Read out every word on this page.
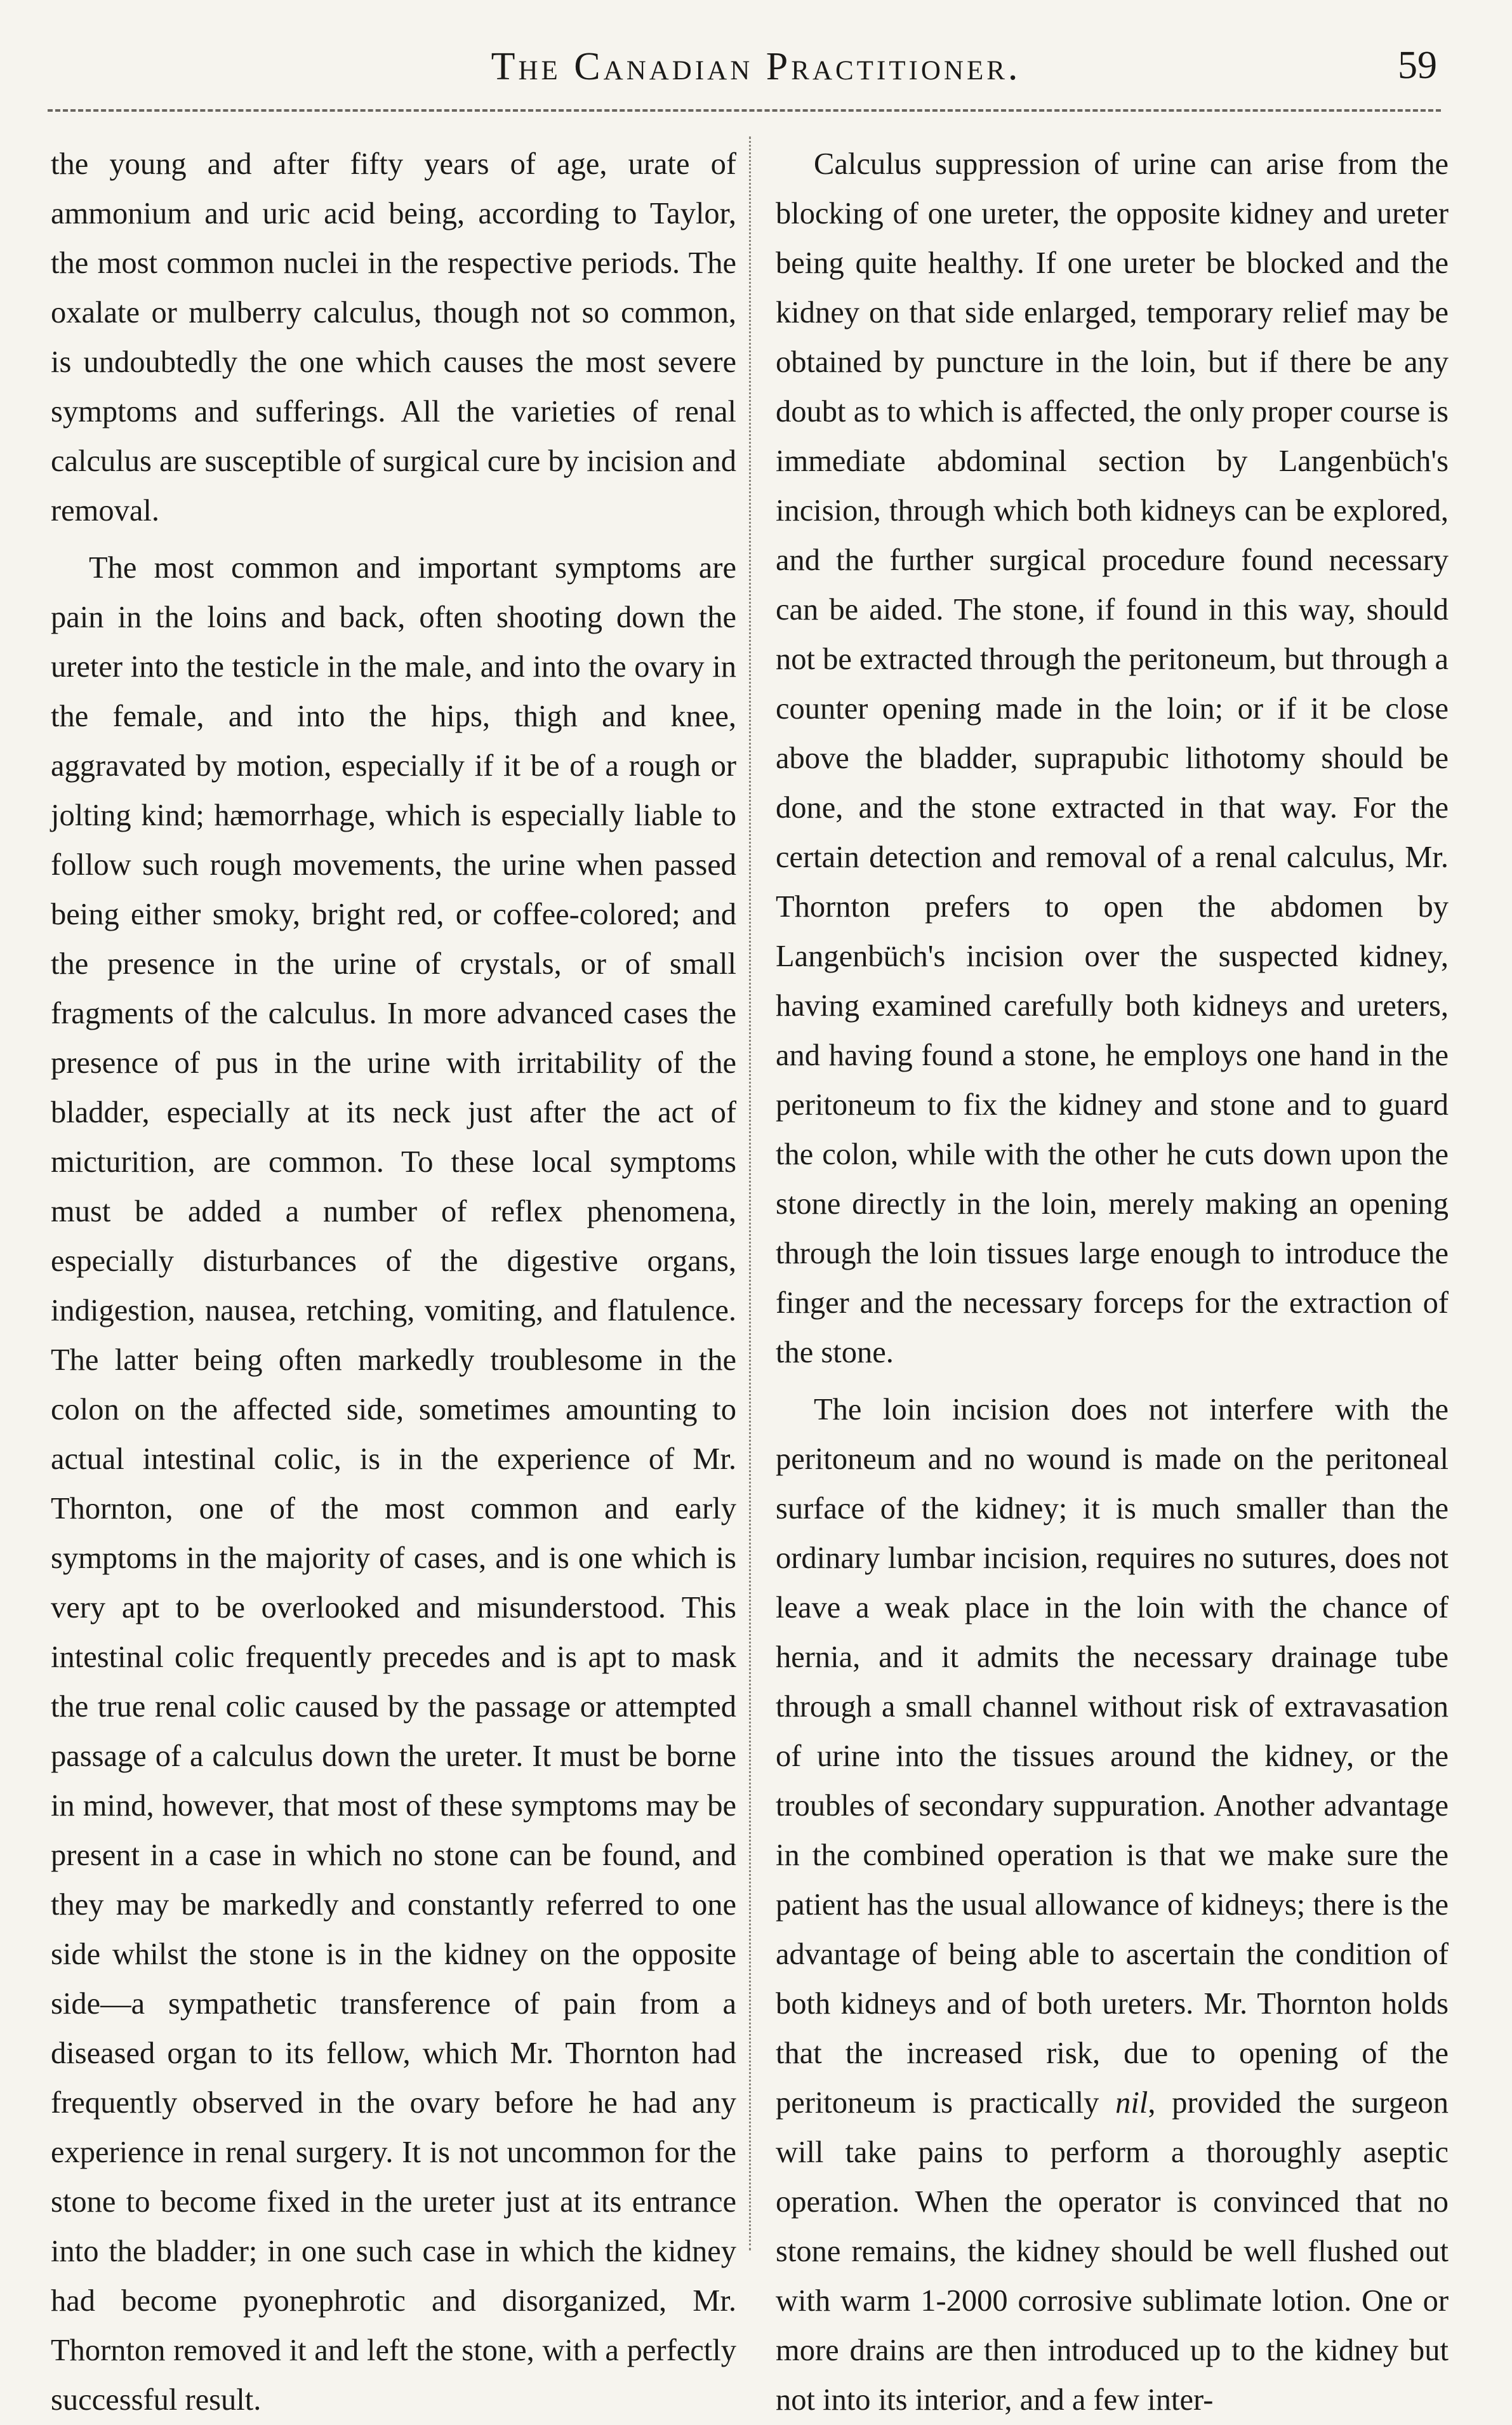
The Canadian Practitioner.	59

the young and after fifty years of age, urate of ammonium and uric acid being, according to Taylor, the most common nuclei in the respective periods. The oxalate or mulberry calculus, though not so common, is undoubtedly the one which causes the most severe symptoms and sufferings. All the varieties of renal calculus are susceptible of surgical cure by incision and removal.

The most common and important symptoms are pain in the loins and back, often shooting down the ureter into the testicle in the male, and into the ovary in the female, and into the hips, thigh and knee, aggravated by motion, especially if it be of a rough or jolting kind; hæmorrhage, which is especially liable to follow such rough movements, the urine when passed being either smoky, bright red, or coffee-colored; and the presence in the urine of crystals, or of small fragments of the calculus. In more advanced cases the presence of pus in the urine with irritability of the bladder, especially at its neck just after the act of micturition, are common. To these local symptoms must be added a number of reflex phenomena, especially disturbances of the digestive organs, indigestion, nausea, retching, vomiting, and flatulence. The latter being often markedly troublesome in the colon on the affected side, sometimes amounting to actual intestinal colic, is in the experience of Mr. Thornton, one of the most common and early symptoms in the majority of cases, and is one which is very apt to be overlooked and misunderstood. This intestinal colic frequently precedes and is apt to mask the true renal colic caused by the passage or attempted passage of a calculus down the ureter. It must be borne in mind, however, that most of these symptoms may be present in a case in which no stone can be found, and they may be markedly and constantly referred to one side whilst the stone is in the kidney on the opposite side—a sympathetic transference of pain from a diseased organ to its fellow, which Mr. Thornton had frequently observed in the ovary before he had any experience in renal surgery. It is not uncommon for the stone to become fixed in the ureter just at its entrance into the bladder; in one such case in which the kidney had become pyonephrotic and disorganized, Mr. Thornton removed it and left the stone, with a perfectly successful result.

Calculus suppression of urine can arise from the blocking of one ureter, the opposite kidney and ureter being quite healthy. If one ureter be blocked and the kidney on that side enlarged, temporary relief may be obtained by puncture in the loin, but if there be any doubt as to which is affected, the only proper course is immediate abdominal section by Langenbüch's incision, through which both kidneys can be explored, and the further surgical procedure found necessary can be aided. The stone, if found in this way, should not be extracted through the peritoneum, but through a counter opening made in the loin; or if it be close above the bladder, suprapubic lithotomy should be done, and the stone extracted in that way. For the certain detection and removal of a renal calculus, Mr. Thornton prefers to open the abdomen by Langenbüch's incision over the suspected kidney, having examined carefully both kidneys and ureters, and having found a stone, he employs one hand in the peritoneum to fix the kidney and stone and to guard the colon, while with the other he cuts down upon the stone directly in the loin, merely making an opening through the loin tissues large enough to introduce the finger and the necessary forceps for the extraction of the stone.

The loin incision does not interfere with the peritoneum and no wound is made on the peritoneal surface of the kidney; it is much smaller than the ordinary lumbar incision, requires no sutures, does not leave a weak place in the loin with the chance of hernia, and it admits the necessary drainage tube through a small channel without risk of extravasation of urine into the tissues around the kidney, or the troubles of secondary suppuration. Another advantage in the combined operation is that we make sure the patient has the usual allowance of kidneys; there is the advantage of being able to ascertain the condition of both kidneys and of both ureters. Mr. Thornton holds that the increased risk, due to opening of the peritoneum is practically nil, provided the surgeon will take pains to perform a thoroughly aseptic operation. When the operator is convinced that no stone remains, the kidney should be well flushed out with warm 1-2000 corrosive sublimate lotion. One or more drains are then introduced up to the kidney but not into its interior, and a few inter-
